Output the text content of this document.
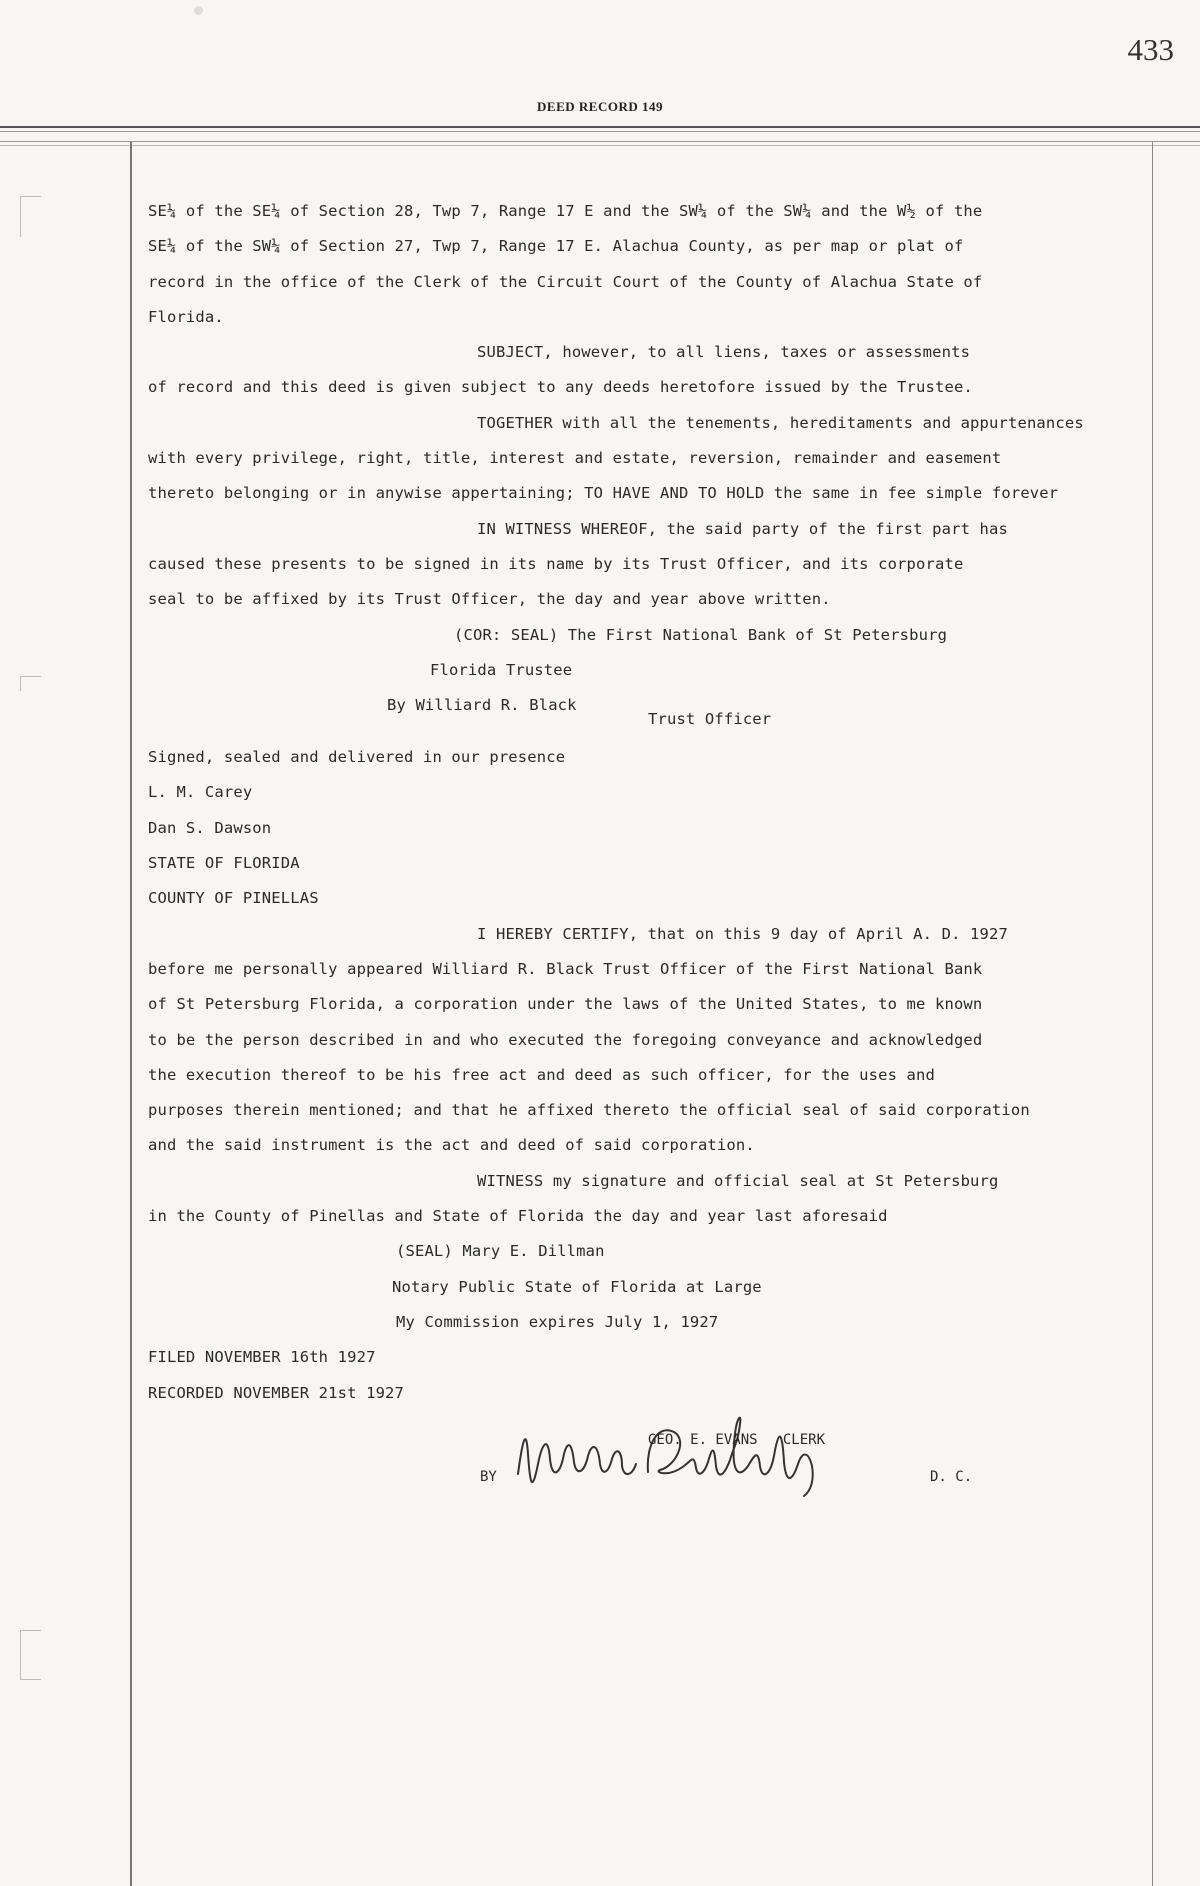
433
DEED RECORD 149
SE¼ of the SE¼ of Section 28, Twp 7, Range 17 E and the SW¼ of the SW¼ and the W½ of the
SE¼ of the SW¼ of Section 27, Twp 7, Range 17 E. Alachua County, as per map or plat of
record in the office of the Clerk of the Circuit Court of the County of Alachua State of
Florida.
SUBJECT, however, to all liens, taxes or assessments
of record and this deed is given subject to any deeds heretofore issued by the Trustee.
TOGETHER with all the tenements, hereditaments and appurtenances
with every privilege, right, title, interest and estate, reversion, remainder and easement
thereto belonging or in anywise appertaining; TO HAVE AND TO HOLD the same in fee simple forever
IN WITNESS WHEREOF, the said party of the first part has
caused these presents to be signed in its name by its Trust Officer, and its corporate
seal to be affixed by its Trust Officer, the day and year above written.
(COR: SEAL) The First National Bank of St Petersburg
Florida Trustee
By Williard R. Black
Trust Officer
Signed, sealed and delivered in our presence
L. M. Carey
Dan S. Dawson
STATE OF FLORIDA
COUNTY OF PINELLAS
I HEREBY CERTIFY, that on this 9 day of April A. D. 1927
before me personally appeared Williard R. Black Trust Officer of the First National Bank
of St Petersburg Florida, a corporation under the laws of the United States, to me known
to be the person described in and who executed the foregoing conveyance and acknowledged
the execution thereof to be his free act and deed as such officer, for the uses and
purposes therein mentioned; and that he affixed thereto the official seal of said corporation
and the said instrument is the act and deed of said corporation.
WITNESS my signature and official seal at St Petersburg
in the County of Pinellas and State of Florida the day and year last aforesaid
(SEAL) Mary E. Dillman
Notary Public State of Florida at Large
My Commission expires July 1, 1927
FILED NOVEMBER 16th 1927
RECORDED NOVEMBER 21st 1927
GEO. E. EVANS   CLERK
BY	D. C.
